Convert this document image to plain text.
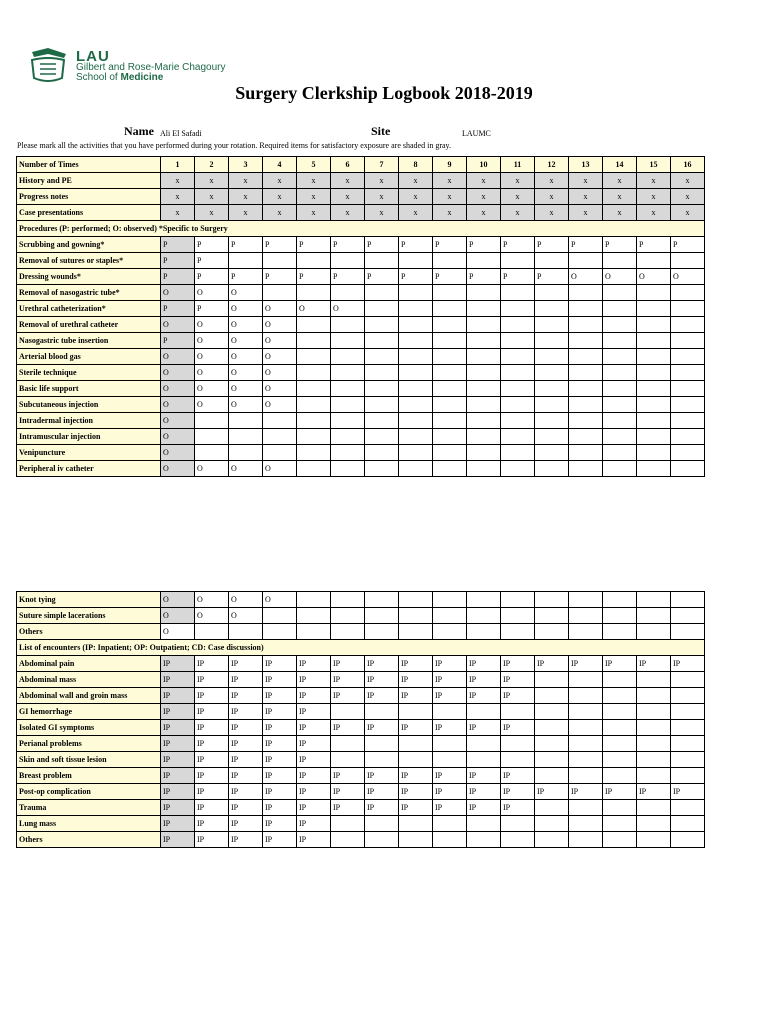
LAU
Gilbert and Rose-Marie Chagoury
School of Medicine
Surgery Clerkship Logbook 2018-2019
Name Ali El Safadi	Site	LAUMC
Please mark all the activities that you have performed during your rotation. Required items for satisfactory exposure are shaded in gray.
Number of Times	1	2	3	4	5	6	7	8	9	10	11	12	13	14	15	16
History and PE	x	x	x	x	x	x	x	x	x	x	x	x	x	x	x	x
Progress notes	x	x	x	x	x	x	x	x	x	x	x	x	x	x	x	x
Case presentations	x	x	x	x	x	x	x	x	x	x	x	x	x	x	x	x
Procedures (P: performed; O: observed) *Specific to Surgery																
Scrubbing and gowning*	P	P	P	P	P	P	P	P	P	P	P	P	P	P	P	P
Removal of sutures or staples*	P	P														
Dressing wounds*	P	P	P	P	P	P	P	P	P	P	P	P	O	O	O	O
Removal of nasogastric tube*	O	O	O													
Urethral catheterization*	P	P	O	O	O	O										
Removal of urethral catheter	O	O	O	O												
Nasogastric tube insertion	P	O	O	O												
Arterial blood gas	O	O	O	O												
Sterile technique	O	O	O	O												
Basic life support	O	O	O	O												
Subcutaneous injection	O	O	O	O												
Intradermal injection	O															
Intramuscular injection	O															
Venipuncture	O															
Peripheral iv catheter	O	O	O	O												
Knot tying	O	O	O	O												
Suture simple lacerations	O	O	O													
Others	O															
List of encounters (IP: Inpatient; OP: Outpatient; CD: Case discussion)																
Abdominal pain	IP	IP	IP	IP	IP	IP	IP	IP	IP	IP	IP	IP	IP	IP	IP	IP
Abdominal mass	IP	IP	IP	IP	IP	IP	IP	IP	IP	IP	IP					
Abdominal wall and groin mass	IP	IP	IP	IP	IP	IP	IP	IP	IP	IP	IP					
GI hemorrhage	IP	IP	IP	IP	IP											
Isolated GI symptoms	IP	IP	IP	IP	IP	IP	IP	IP	IP	IP	IP					
Perianal problems	IP	IP	IP	IP	IP											
Skin and soft tissue lesion	IP	IP	IP	IP	IP											
Breast problem	IP	IP	IP	IP	IP	IP	IP	IP	IP	IP	IP					
Post-op complication	IP	IP	IP	IP	IP	IP	IP	IP	IP	IP	IP	IP	IP	IP	IP	IP
Trauma	IP	IP	IP	IP	IP	IP	IP	IP	IP	IP	IP					
Lung mass	IP	IP	IP	IP	IP											
Others	IP	IP	IP	IP	IP											
